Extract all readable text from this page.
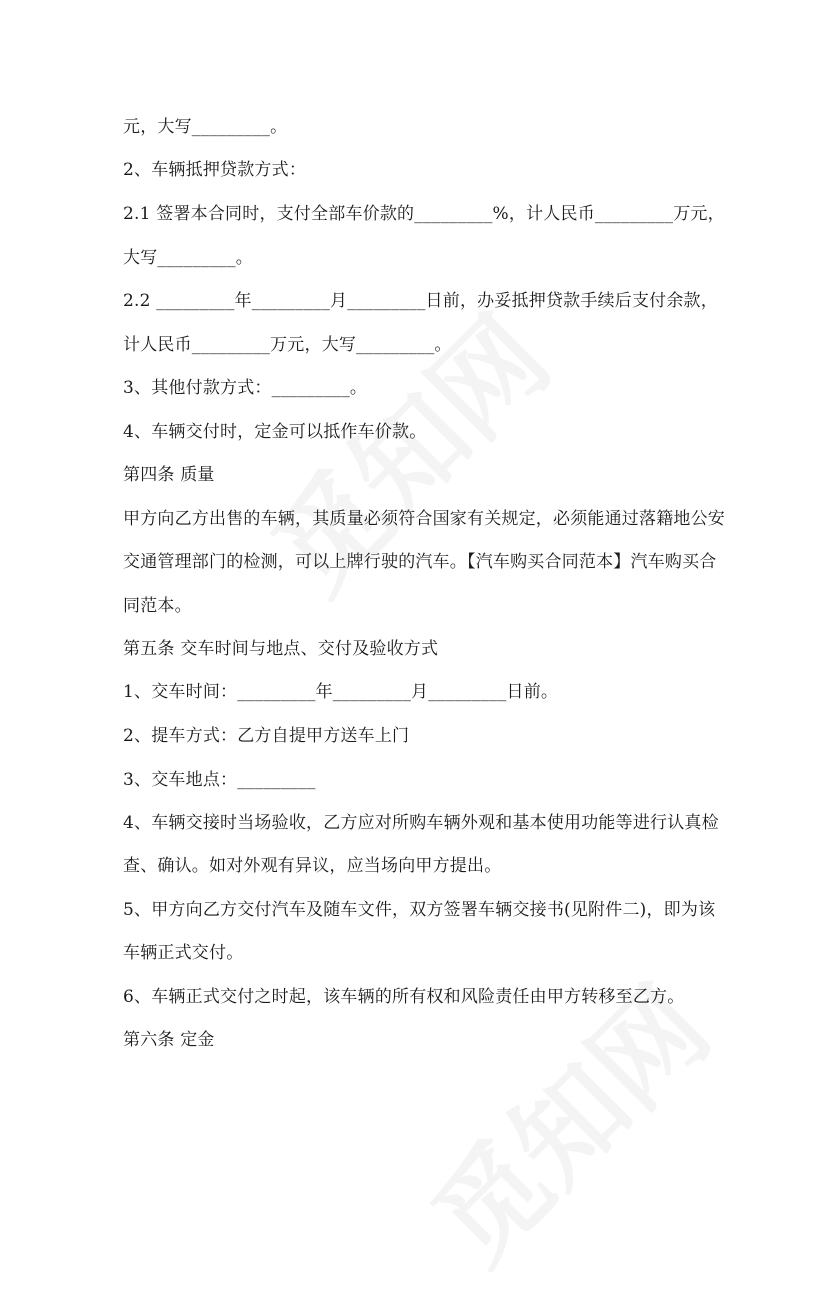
元，大写_________。
2、车辆抵押贷款方式：
2.1 签署本合同时，支付全部车价款的_________%，计人民币_________万元，
大写_________。
2.2 _________年_________月_________日前，办妥抵押贷款手续后支付余款，
计人民币_________万元，大写_________。
3、其他付款方式：_________。
4、车辆交付时，定金可以抵作车价款。
第四条 质量
甲方向乙方出售的车辆，其质量必须符合国家有关规定，必须能通过落籍地公安
交通管理部门的检测，可以上牌行驶的汽车。【汽车购买合同范本】汽车购买合
同范本。
第五条 交车时间与地点、交付及验收方式
1、交车时间：_________年_________月_________日前。
2、提车方式：乙方自提甲方送车上门
3、交车地点：_________
4、车辆交接时当场验收，乙方应对所购车辆外观和基本使用功能等进行认真检
查、确认。如对外观有异议，应当场向甲方提出。
5、甲方向乙方交付汽车及随车文件，双方签署车辆交接书(见附件二)，即为该
车辆正式交付。
6、车辆正式交付之时起，该车辆的所有权和风险责任由甲方转移至乙方。
第六条 定金
